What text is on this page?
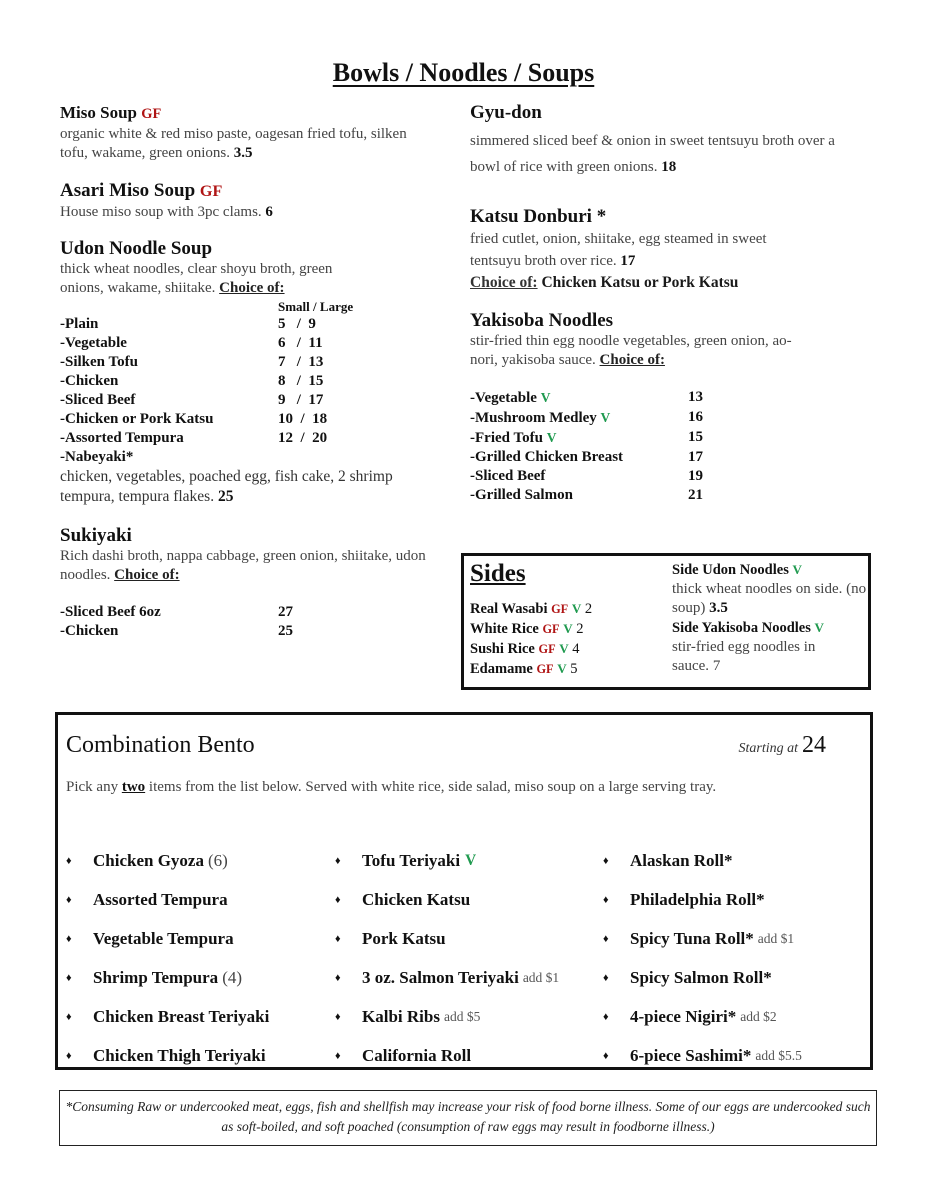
Bowls / Noodles / Soups
Miso Soup GF
organic white & red miso paste, oagesan fried tofu, silken tofu, wakame, green onions. 3.5
Asari Miso Soup GF
House miso soup with 3pc clams. 6
Udon Noodle Soup
thick wheat noodles, clear shoyu broth, green onions, wakame, shiitake. Choice of:
Small / Large
-Plain	5   /  9
-Vegetable	6   /  11
-Silken Tofu	7   /  13
-Chicken	8   /  15
-Sliced Beef	9   /  17
-Chicken or Pork Katsu	10  /  18
-Assorted Tempura	12  /  20
-Nabeyaki*
chicken, vegetables, poached egg, fish cake, 2 shrimp tempura, tempura flakes. 25
Sukiyaki
Rich dashi broth, nappa cabbage, green onion, shiitake, udon noodles. Choice of:
-Sliced Beef 6oz	27
-Chicken	25
Gyu-don
simmered sliced beef & onion in sweet tentsuyu broth over a bowl of rice with green onions. 18
Katsu Donburi *
fried cutlet, onion, shiitake, egg steamed in sweet tentsuyu broth over rice. 17
Choice of: Chicken Katsu or Pork Katsu
Yakisoba Noodles
stir-fried thin egg noodle vegetables, green onion, ao-nori, yakisoba sauce. Choice of:
-Vegetable V	13
-Mushroom Medley V	16
-Fried Tofu V	15
-Grilled Chicken Breast	17
-Sliced Beef	19
-Grilled Salmon	21
Sides
Real Wasabi GF V 2
White Rice GF V 2
Sushi Rice GF V 4
Edamame GF V 5
Side Udon Noodles V
thick wheat noodles on side. (no soup) 3.5
Side Yakisoba Noodles V
stir-fried egg noodles in sauce. 7
Combination Bento	Starting at 24
Pick any two items from the list below. Served with white rice, side salad, miso soup on a large serving tray.
♦	Chicken Gyoza (6)
♦	Assorted Tempura
♦	Vegetable Tempura
♦	Shrimp Tempura (4)
♦	Chicken Breast Teriyaki
♦	Chicken Thigh Teriyaki
♦	Tofu Teriyaki V
♦	Chicken Katsu
♦	Pork Katsu
♦	3 oz. Salmon Teriyaki add $1
♦	Kalbi Ribs add $5
♦	California Roll
♦	Alaskan Roll*
♦	Philadelphia Roll*
♦	Spicy Tuna Roll* add $1
♦	Spicy Salmon Roll*
♦	4-piece Nigiri* add $2
♦	6-piece Sashimi* add $5.5
*Consuming Raw or undercooked meat, eggs, fish and shellfish may increase your risk of food borne illness. Some of our eggs are undercooked such as soft-boiled, and soft poached (consumption of raw eggs may result in foodborne illness.)
